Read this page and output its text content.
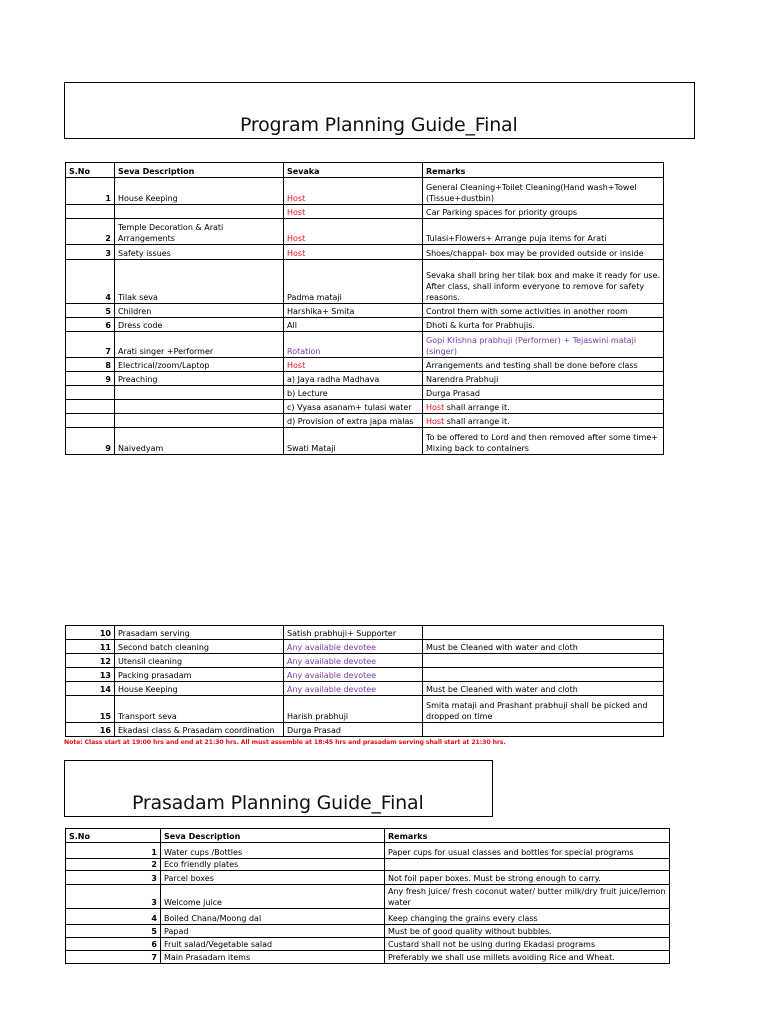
Program Planning Guide_Final
S.No	Seva Description	Sevaka	Remarks
1	House Keeping	Host	General Cleaning+Toilet Cleaning(Hand wash+Towel (Tissue+dustbin)
		Host	Car Parking spaces for priority groups
2	Temple Decoration & Arati Arrangements	Host	Tulasi+Flowers+ Arrange puja items for Arati
3	Safety issues	Host	Shoes/chappal- box may be provided outside or inside
4	Tilak seva	Padma mataji	Sevaka shall bring her tilak box and make it ready for use. After class, shall inform everyone to remove for safety reasons.
5	Children	Harshika+ Smita	Control them with some activities in another room
6	Dress code	All	Dhoti & kurta for Prabhujis.
7	Arati singer +Performer	Rotation	Gopi Krishna prabhuji (Performer) + Tejaswini mataji (singer)
8	Electrical/zoom/Laptop	Host	Arrangements and testing shall be done before class
9	Preaching	a) Jaya radha Madhava	Narendra Prabhuji
		b) Lecture	Durga Prasad
		c) Vyasa asanam+ tulasi water	Host shall arrange it.
		d) Provision of extra japa malas	Host shall arrange it.
9	Naivedyam	Swati Mataji	To be offered to Lord and then removed after some time+ Mixing back to containers
10	Prasadam serving	Satish prabhuji+ Supporter	
11	Second batch cleaning	Any available devotee	Must be Cleaned with water and cloth
12	Utensil cleaning	Any available devotee	
13	Packing prasadam	Any available devotee	
14	House Keeping	Any available devotee	Must be Cleaned with water and cloth
15	Transport seva	Harish prabhuji	Smita mataji and Prashant prabhuji shall be picked and dropped on time
16	Ekadasi class & Prasadam coordination	Durga Prasad	
Note: Class start at 19:00 hrs and end at 21:30 hrs. All must assemble at 18:45 hrs and prasadam serving shall start at 21:30 hrs.
Prasadam Planning Guide_Final
S.No	Seva Description	Remarks
1	Water cups /Bottles	Paper cups for usual classes and bottles for special programs
2	Eco friendly plates	
3	Parcel boxes	Not foil paper boxes. Must be strong enough to carry.
3	Welcome juice	Any fresh juice/ fresh coconut water/ butter milk/dry fruit juice/lemon water
4	Boiled Chana/Moong dal	Keep changing the grains every class
5	Papad	Must be of good quality without bubbles.
6	Fruit salad/Vegetable salad	Custard shall not be using during Ekadasi programs
7	Main Prasadam items	Preferably we shall use millets avoiding Rice and Wheat.
